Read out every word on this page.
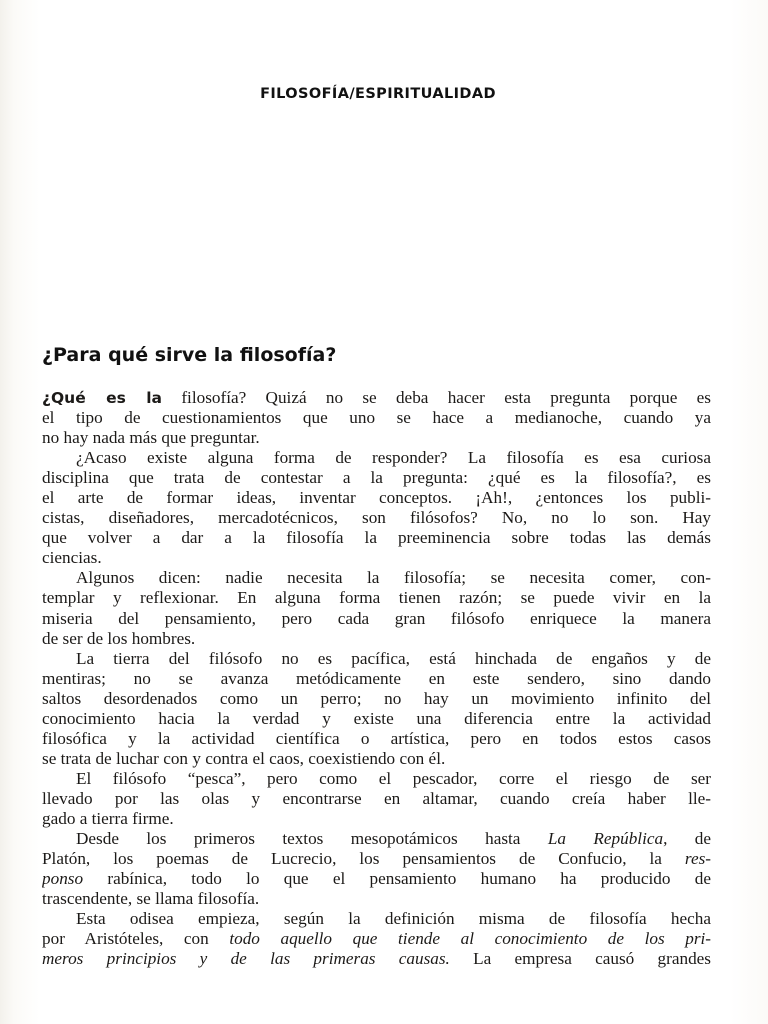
FILOSOFÍA/ESPIRITUALIDAD
¿Para qué sirve la filosofía?
¿Qué es la filosofía? Quizá no se deba hacer esta pregunta porque es
el tipo de cuestionamientos que uno se hace a medianoche, cuando ya
no hay nada más que preguntar.
¿Acaso existe alguna forma de responder? La filosofía es esa curiosa
disciplina que trata de contestar a la pregunta: ¿qué es la filosofía?, es
el arte de formar ideas, inventar conceptos. ¡Ah!, ¿entonces los publi-
cistas, diseñadores, mercadotécnicos, son filósofos? No, no lo son. Hay
que volver a dar a la filosofía la preeminencia sobre todas las demás
ciencias.
Algunos dicen: nadie necesita la filosofía; se necesita comer, con-
templar y reflexionar. En alguna forma tienen razón; se puede vivir en la
miseria del pensamiento, pero cada gran filósofo enriquece la manera
de ser de los hombres.
La tierra del filósofo no es pacífica, está hinchada de engaños y de
mentiras; no se avanza metódicamente en este sendero, sino dando
saltos desordenados como un perro; no hay un movimiento infinito del
conocimiento hacia la verdad y existe una diferencia entre la actividad
filosófica y la actividad científica o artística, pero en todos estos casos
se trata de luchar con y contra el caos, coexistiendo con él.
El filósofo “pesca”, pero como el pescador, corre el riesgo de ser
llevado por las olas y encontrarse en altamar, cuando creía haber lle-
gado a tierra firme.
Desde los primeros textos mesopotámicos hasta La República, de
Platón, los poemas de Lucrecio, los pensamientos de Confucio, la res-
ponso rabínica, todo lo que el pensamiento humano ha producido de
trascendente, se llama filosofía.
Esta odisea empieza, según la definición misma de filosofía hecha
por Aristóteles, con todo aquello que tiende al conocimiento de los pri-
meros principios y de las primeras causas. La empresa causó grandes
